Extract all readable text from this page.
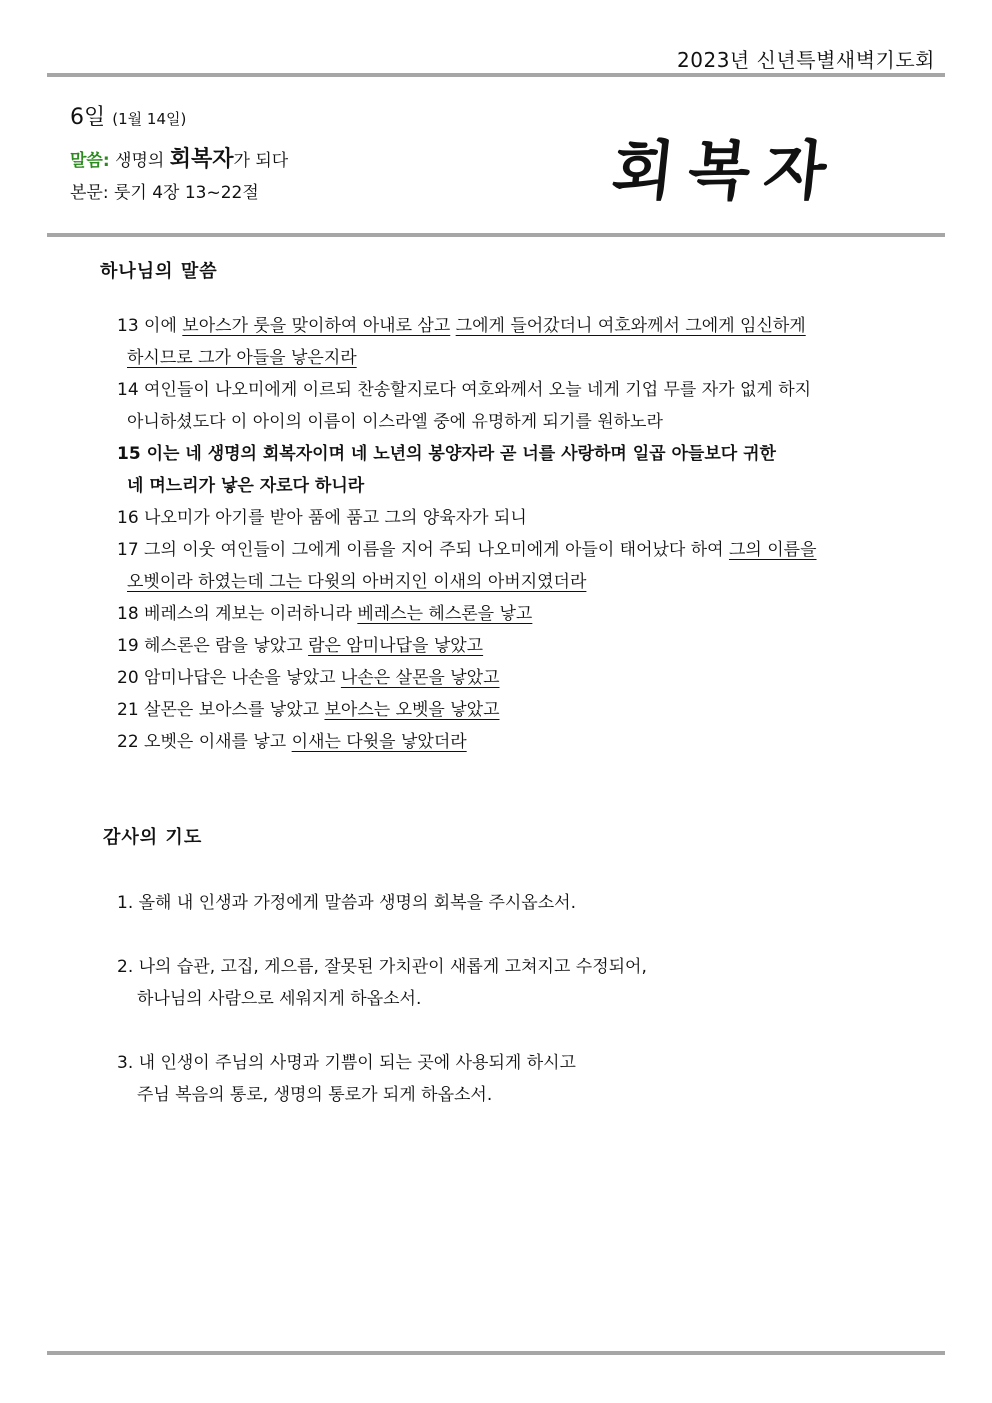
2023년 신년특별새벽기도회
6일 (1월 14일)
말씀: 생명의 회복자가 되다
본문: 룻기 4장 13~22절	회복자
하나님의 말씀
13 이에 보아스가 룻을 맞이하여 아내로 삼고 그에게 들어갔더니 여호와께서 그에게 임신하게
하시므로 그가 아들을 낳은지라
14 여인들이 나오미에게 이르되 찬송할지로다 여호와께서 오늘 네게 기업 무를 자가 없게 하지
아니하셨도다 이 아이의 이름이 이스라엘 중에 유명하게 되기를 원하노라
15 이는 네 생명의 회복자이며 네 노년의 봉양자라 곧 너를 사랑하며 일곱 아들보다 귀한
네 며느리가 낳은 자로다 하니라
16 나오미가 아기를 받아 품에 품고 그의 양육자가 되니
17 그의 이웃 여인들이 그에게 이름을 지어 주되 나오미에게 아들이 태어났다 하여 그의 이름을
오벳이라 하였는데 그는 다윗의 아버지인 이새의 아버지였더라
18 베레스의 계보는 이러하니라 베레스는 헤스론을 낳고
19 헤스론은 람을 낳았고 람은 암미나답을 낳았고
20 암미나답은 나손을 낳았고 나손은 살몬을 낳았고
21 살몬은 보아스를 낳았고 보아스는 오벳을 낳았고
22 오벳은 이새를 낳고 이새는 다윗을 낳았더라
감사의 기도
1. 올해 내 인생과 가정에게 말씀과 생명의 회복을 주시옵소서.
2. 나의 습관, 고집, 게으름, 잘못된 가치관이 새롭게 고쳐지고 수정되어,
하나님의 사람으로 세워지게 하옵소서.
3. 내 인생이 주님의 사명과 기쁨이 되는 곳에 사용되게 하시고
주님 복음의 통로, 생명의 통로가 되게 하옵소서.
